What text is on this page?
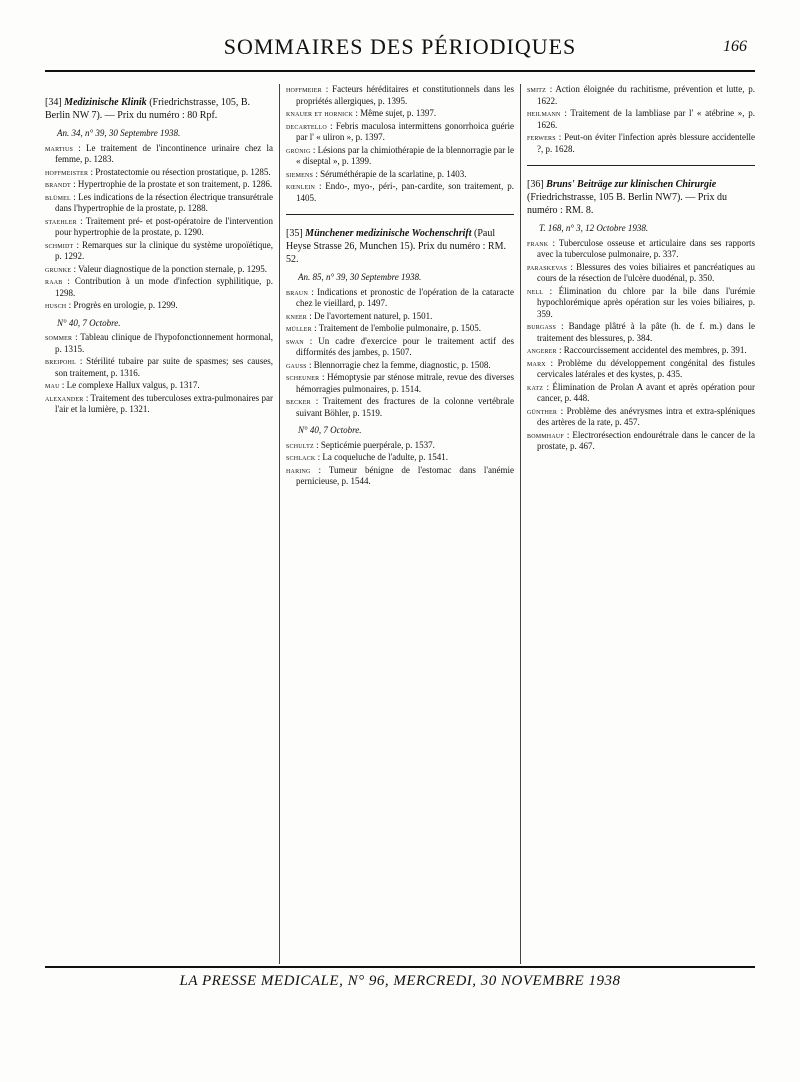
SOMMAIRES DES PÉRIODIQUES	166
[34] Medizinische Klinik (Friedrichstrasse, 105, B. Berlin NW 7). — Prix du numéro : 80 Rpf.
An. 34, n° 39, 30 Septembre 1938.
martius : Le traitement de l'incontinence urinaire chez la femme, p. 1283.
hoffmeister : Prostatectomie ou résection prostatique, p. 1285.
brandt : Hypertrophie de la prostate et son traitement, p. 1286.
blümel : Les indications de la résection électrique transurétrale dans l'hypertrophie de la prostate, p. 1288.
staehler : Traitement pré- et post-opératoire de l'intervention pour hypertrophie de la prostate, p. 1290.
schmidt : Remarques sur la clinique du système uropoïétique, p. 1292.
grunke : Valeur diagnostique de la ponction sternale, p. 1295.
raab : Contribution à un mode d'infection syphilitique, p. 1298.
husch : Progrès en urologie, p. 1299.
N° 40, 7 Octobre.
sommer : Tableau clinique de l'hypofonctionnement hormonal, p. 1315.
breipohl : Stérilité tubaire par suite de spasmes; ses causes, son traitement, p. 1316.
mau : Le complexe Hallux valgus, p. 1317.
alexander : Traitement des tuberculoses extra-pulmonaires par l'air et la lumière, p. 1321.
hoffmeier : Facteurs héréditaires et constitutionnels dans les propriétés allergiques, p. 1395.
knauer et hornick : Même sujet, p. 1397.
decartello : Febris maculosa intermittens gonorrhoica guérie par l' « uliron », p. 1397.
grünig : Lésions par la chimiothérapie de la blennorragie par le « diseptal », p. 1399.
siemens : Séruméthérapie de la scarlatine, p. 1403.
kœnlein : Endo-, myo-, péri-, pan-cardite, son traitement, p. 1405.
[35] Münchener medizinische Wochenschrift (Paul Heyse Strasse 26, Munchen 15). Prix du numéro : RM. 52.
An. 85, n° 39, 30 Septembre 1938.
braun : Indications et pronostic de l'opération de la cataracte chez le vieillard, p. 1497.
kneer : De l'avortement naturel, p. 1501.
müller : Traitement de l'embolie pulmonaire, p. 1505.
swan : Un cadre d'exercice pour le traitement actif des difformités des jambes, p. 1507.
gauss : Blennorragie chez la femme, diagnostic, p. 1508.
scheuner : Hémoptysie par sténose mitrale, revue des diverses hémorragies pulmonaires, p. 1514.
becker : Traitement des fractures de la colonne vertébrale suivant Böhler, p. 1519.
N° 40, 7 Octobre.
schultz : Septicémie puerpérale, p. 1537.
schlack : La coqueluche de l'adulte, p. 1541.
haring : Tumeur bénigne de l'estomac dans l'anémie pernicieuse, p. 1544.
smitz : Action éloignée du rachitisme, prévention et lutte, p. 1622.
heilmann : Traitement de la lambliase par l' « atébrine », p. 1626.
ferwers : Peut-on éviter l'infection après blessure accidentelle ?, p. 1628.
[36] Bruns' Beiträge zur klinischen Chirurgie (Friedrichstrasse, 105 B. Berlin NW7). — Prix du numéro : RM. 8.
T. 168, n° 3, 12 Octobre 1938.
frank : Tuberculose osseuse et articulaire dans ses rapports avec la tuberculose pulmonaire, p. 337.
paraskevas : Blessures des voies biliaires et pancréatiques au cours de la résection de l'ulcère duodénal, p. 350.
nell : Élimination du chlore par la bile dans l'urémie hypochlorémique après opération sur les voies biliaires, p. 359.
burgass : Bandage plâtré à la pâte (h. de f. m.) dans le traitement des blessures, p. 384.
angerer : Raccourcissement accidentel des membres, p. 391.
marx : Problème du développement congénital des fistules cervicales latérales et des kystes, p. 435.
katz : Élimination de Prolan A avant et après opération pour cancer, p. 448.
günther : Problème des anévrysmes intra et extra-spléniques des artères de la rate, p. 457.
bommhauf : Electrorésection endourétrale dans le cancer de la prostate, p. 467.
LA PRESSE MEDICALE, N° 96, MERCREDI, 30 NOVEMBRE 1938
